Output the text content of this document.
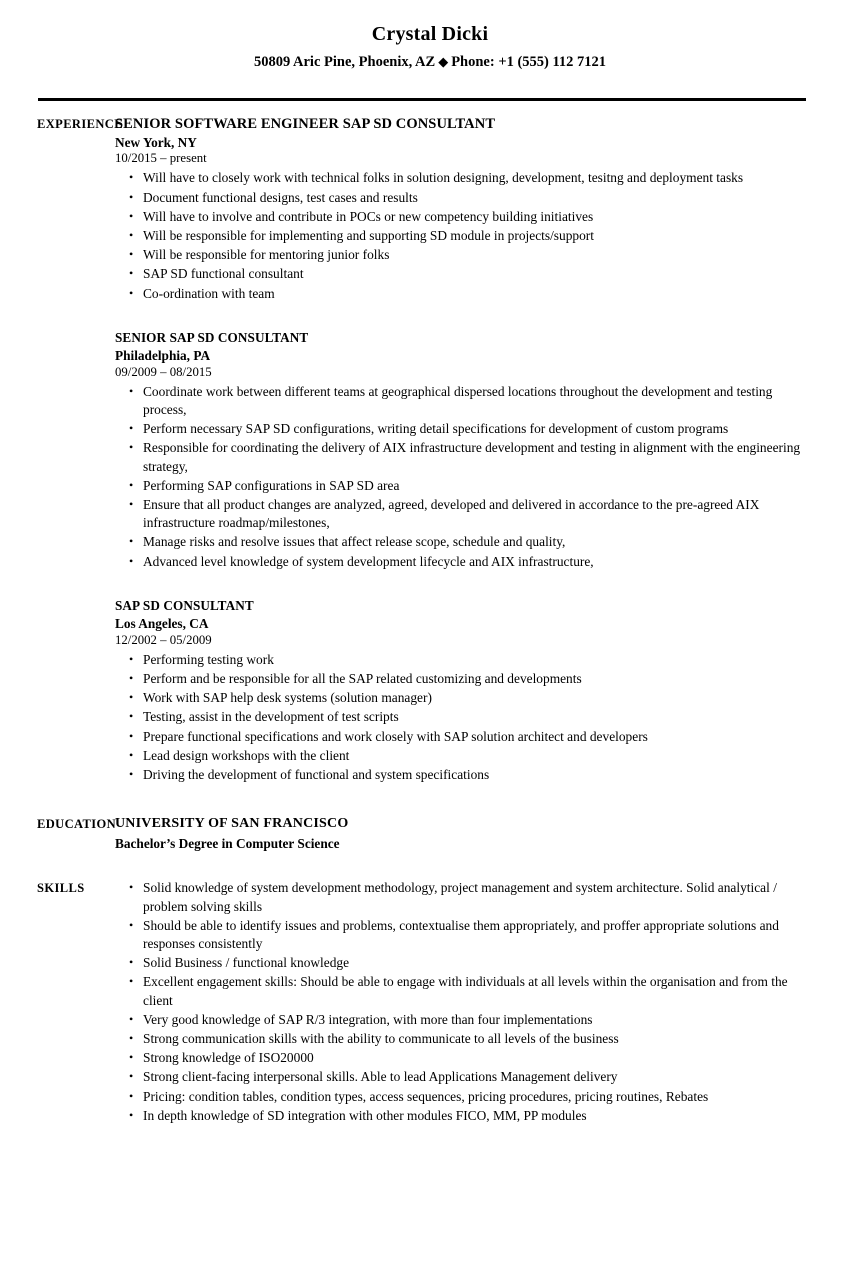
Crystal Dicki
50809 Aric Pine, Phoenix, AZ ◆ Phone: +1 (555) 112 7121
EXPERIENCE
SENIOR SOFTWARE ENGINEER SAP SD CONSULTANT
New York, NY
10/2015 – present
• Will have to closely work with technical folks in solution designing, development, tesitng and deployment tasks
• Document functional designs, test cases and results
• Will have to involve and contribute in POCs or new competency building initiatives
• Will be responsible for implementing and supporting SD module in projects/support
• Will be responsible for mentoring junior folks
• SAP SD functional consultant
• Co-ordination with team
SENIOR SAP SD CONSULTANT
Philadelphia, PA
09/2009 – 08/2015
• Coordinate work between different teams at geographical dispersed locations throughout the development and testing process,
• Perform necessary SAP SD configurations, writing detail specifications for development of custom programs
• Responsible for coordinating the delivery of AIX infrastructure development and testing in alignment with the engineering strategy,
• Performing SAP configurations in SAP SD area
• Ensure that all product changes are analyzed, agreed, developed and delivered in accordance to the pre-agreed AIX infrastructure roadmap/milestones,
• Manage risks and resolve issues that affect release scope, schedule and quality,
• Advanced level knowledge of system development lifecycle and AIX infrastructure,
SAP SD CONSULTANT
Los Angeles, CA
12/2002 – 05/2009
• Performing testing work
• Perform and be responsible for all the SAP related customizing and developments
• Work with SAP help desk systems (solution manager)
• Testing, assist in the development of test scripts
• Prepare functional specifications and work closely with SAP solution architect and developers
• Lead design workshops with the client
• Driving the development of functional and system specifications
EDUCATION
UNIVERSITY OF SAN FRANCISCO
Bachelor’s Degree in Computer Science
SKILLS	• Solid knowledge of system development methodology, project management and system architecture. Solid analytical / problem solving skills
• Should be able to identify issues and problems, contextualise them appropriately, and proffer appropriate solutions and responses consistently
• Solid Business / functional knowledge
• Excellent engagement skills: Should be able to engage with individuals at all levels within the organisation and from the client
• Very good knowledge of SAP R/3 integration, with more than four implementations
• Strong communication skills with the ability to communicate to all levels of the business
• Strong knowledge of ISO20000
• Strong client-facing interpersonal skills. Able to lead Applications Management delivery
• Pricing: condition tables, condition types, access sequences, pricing procedures, pricing routines, Rebates
• In depth knowledge of SD integration with other modules FICO, MM, PP modules
